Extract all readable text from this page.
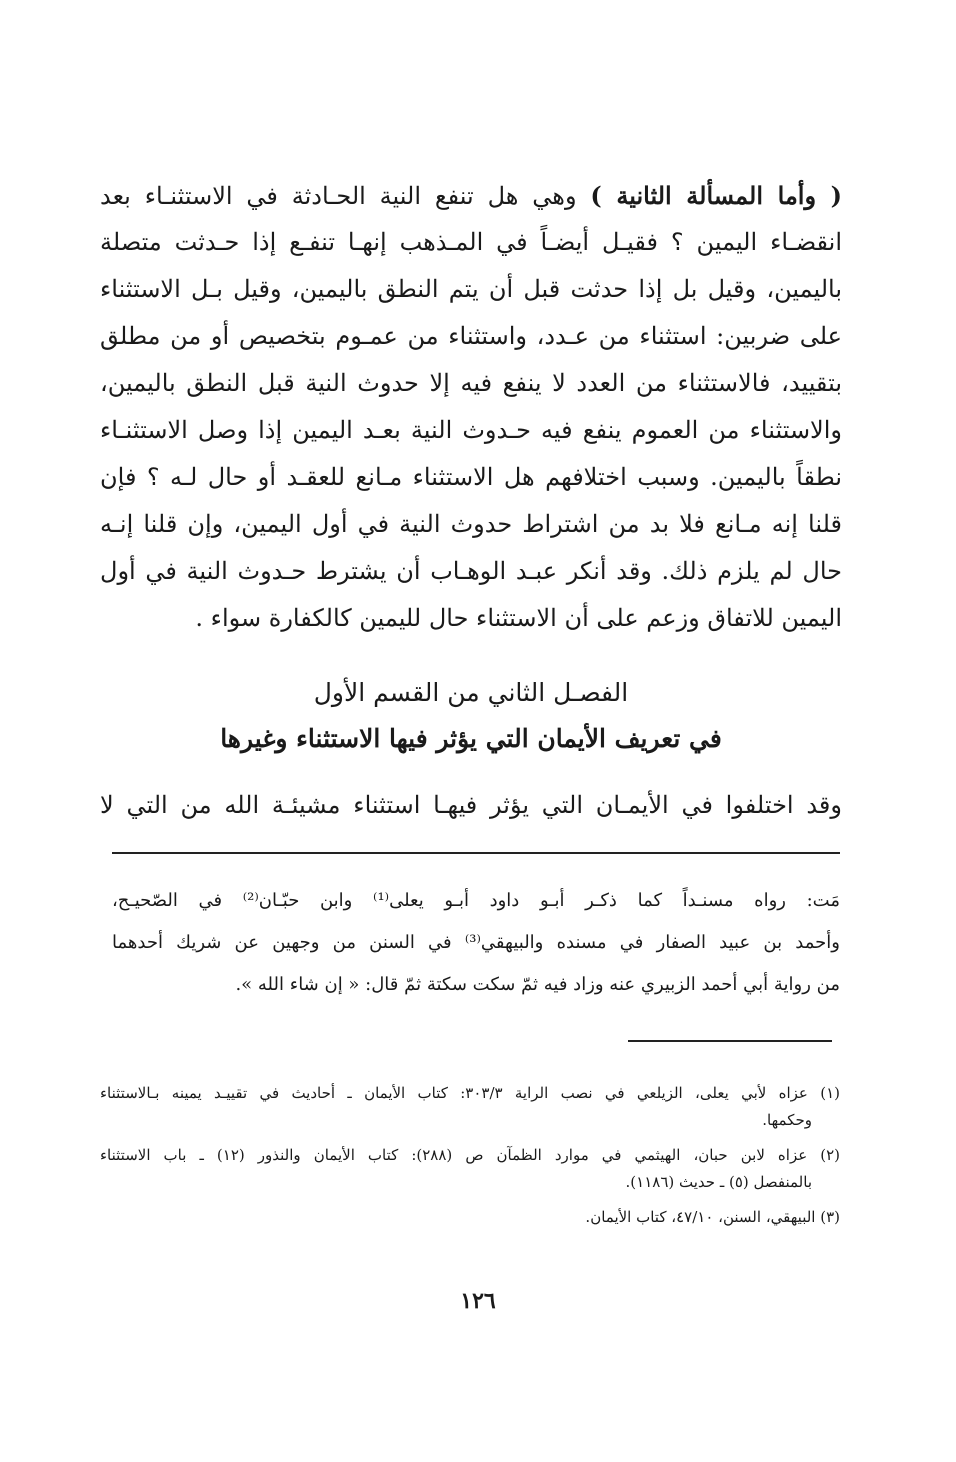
( وأما المسألة الثانية ) وهي هل تنفع النية الحـادثة في الاستثنـاء بعد
انقضـاء اليمين ؟ فقيـل أيضـاً في المـذهب إنهـا تنفـع إذا حـدثت متصلة
باليمين، وقيل بل إذا حدثت قبل أن يتم النطق باليمين، وقيل بـل الاستثناء
على ضربين: استثناء من عـدد، واستثناء من عمـوم بتخصيص أو من مطلق
بتقييد، فالاستثناء من العدد لا ينفع فيه إلا حدوث النية قبل النطق باليمين،
والاستثناء من العموم ينفع فيه حـدوث النية بعـد اليمين إذا وصل الاستثنـاء
نطقاً باليمين. وسبب اختلافهم هل الاستثناء مـانع للعقـد أو حال لـه ؟ فإن
قلنا إنه مـانع فلا بد من اشتراط حدوث النية في أول اليمين، وإن قلنا إنـه
حال لم يلزم ذلك. وقد أنكر عبـد الوهـاب أن يشترط حـدوث النية في أول
اليمين للاتفاق وزعم على أن الاستثناء حال لليمين كالكفارة سواء .
الفصـل الثاني من القسم الأول
في تعريف الأيمان التي يؤثر فيها الاستثناء وغيرها
وقد اختلفوا في الأيمـان التي يؤثر فيهـا استثناء مشيئـة الله من التي لا
مَت: رواه مسنـداً كما ذكـر أبـو داود أبـو يعلى⁽¹⁾ وابن حبّـان⁽²⁾ في الصّحيـح،
وأحمد بن عبيد الصفار في مسنده والبيهقي⁽³⁾ في السنن من وجهين عن شريك أحدهما
من رواية أبي أحمد الزبيري عنه وزاد فيه ثمّ سكت سكتة ثمّ قال: « إن شاء الله ».
(١) عزاه لأبي يعلى، الزيلعي في نصب الراية ٣٠٣/٣: كتاب الأيمان ـ أحاديث في تقييـد يمينه بـالاستثناء
وحكمها.
(٢) عزاه لابن حبان، الهيثمي في موارد الظمآن ص (٢٨٨): كتاب الأيمان والنذور (١٢) ـ باب الاستثناء
بالمنفصل (٥) ـ حديث (١١٨٦).
(٣) البيهقي، السنن، ٤٧/١٠، كتاب الأيمان.
١٢٦
